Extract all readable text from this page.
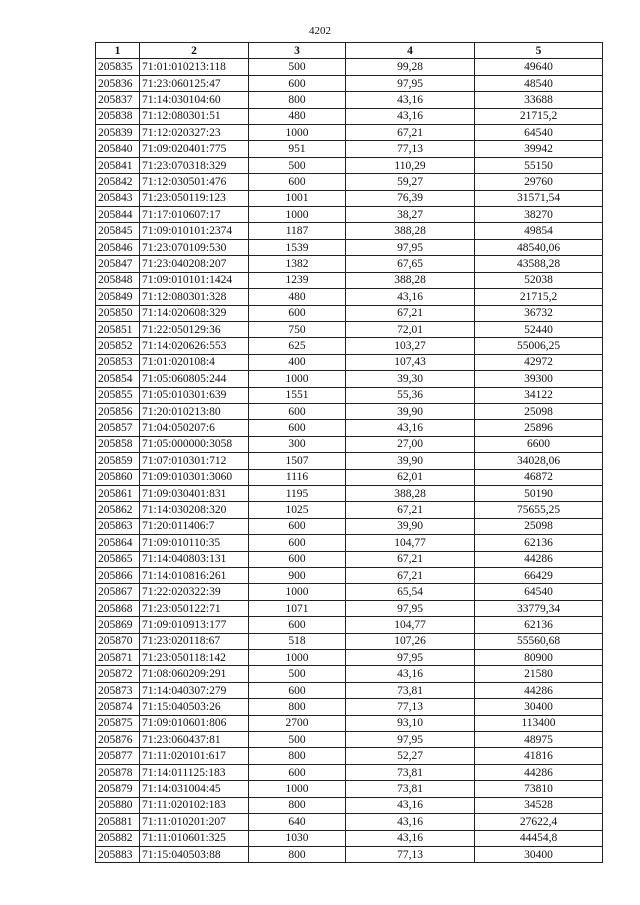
4202
1	2	3	4	5
205835	71:01:010213:118	500	99,28	49640
205836	71:23:060125:47	600	97,95	48540
205837	71:14:030104:60	800	43,16	33688
205838	71:12:080301:51	480	43,16	21715,2
205839	71:12:020327:23	1000	67,21	64540
205840	71:09:020401:775	951	77,13	39942
205841	71:23:070318:329	500	110,29	55150
205842	71:12:030501:476	600	59,27	29760
205843	71:23:050119:123	1001	76,39	31571,54
205844	71:17:010607:17	1000	38,27	38270
205845	71:09:010101:2374	1187	388,28	49854
205846	71:23:070109:530	1539	97,95	48540,06
205847	71:23:040208:207	1382	67,65	43588,28
205848	71:09:010101:1424	1239	388,28	52038
205849	71:12:080301:328	480	43,16	21715,2
205850	71:14:020608:329	600	67,21	36732
205851	71:22:050129:36	750	72,01	52440
205852	71:14:020626:553	625	103,27	55006,25
205853	71:01:020108:4	400	107,43	42972
205854	71:05:060805:244	1000	39,30	39300
205855	71:05:010301:639	1551	55,36	34122
205856	71:20:010213:80	600	39,90	25098
205857	71:04:050207:6	600	43,16	25896
205858	71:05:000000:3058	300	27,00	6600
205859	71:07:010301:712	1507	39,90	34028,06
205860	71:09:010301:3060	1116	62,01	46872
205861	71:09:030401:831	1195	388,28	50190
205862	71:14:030208:320	1025	67,21	75655,25
205863	71:20:011406:7	600	39,90	25098
205864	71:09:010110:35	600	104,77	62136
205865	71:14:040803:131	600	67,21	44286
205866	71:14:010816:261	900	67,21	66429
205867	71:22:020322:39	1000	65,54	64540
205868	71:23:050122:71	1071	97,95	33779,34
205869	71:09:010913:177	600	104,77	62136
205870	71:23:020118:67	518	107,26	55560,68
205871	71:23:050118:142	1000	97,95	80900
205872	71:08:060209:291	500	43,16	21580
205873	71:14:040307:279	600	73,81	44286
205874	71:15:040503:26	800	77,13	30400
205875	71:09:010601:806	2700	93,10	113400
205876	71:23:060437:81	500	97,95	48975
205877	71:11:020101:617	800	52,27	41816
205878	71:14:011125:183	600	73,81	44286
205879	71:14:031004:45	1000	73,81	73810
205880	71:11:020102:183	800	43,16	34528
205881	71:11:010201:207	640	43,16	27622,4
205882	71:11:010601:325	1030	43,16	44454,8
205883	71:15:040503:88	800	77,13	30400
